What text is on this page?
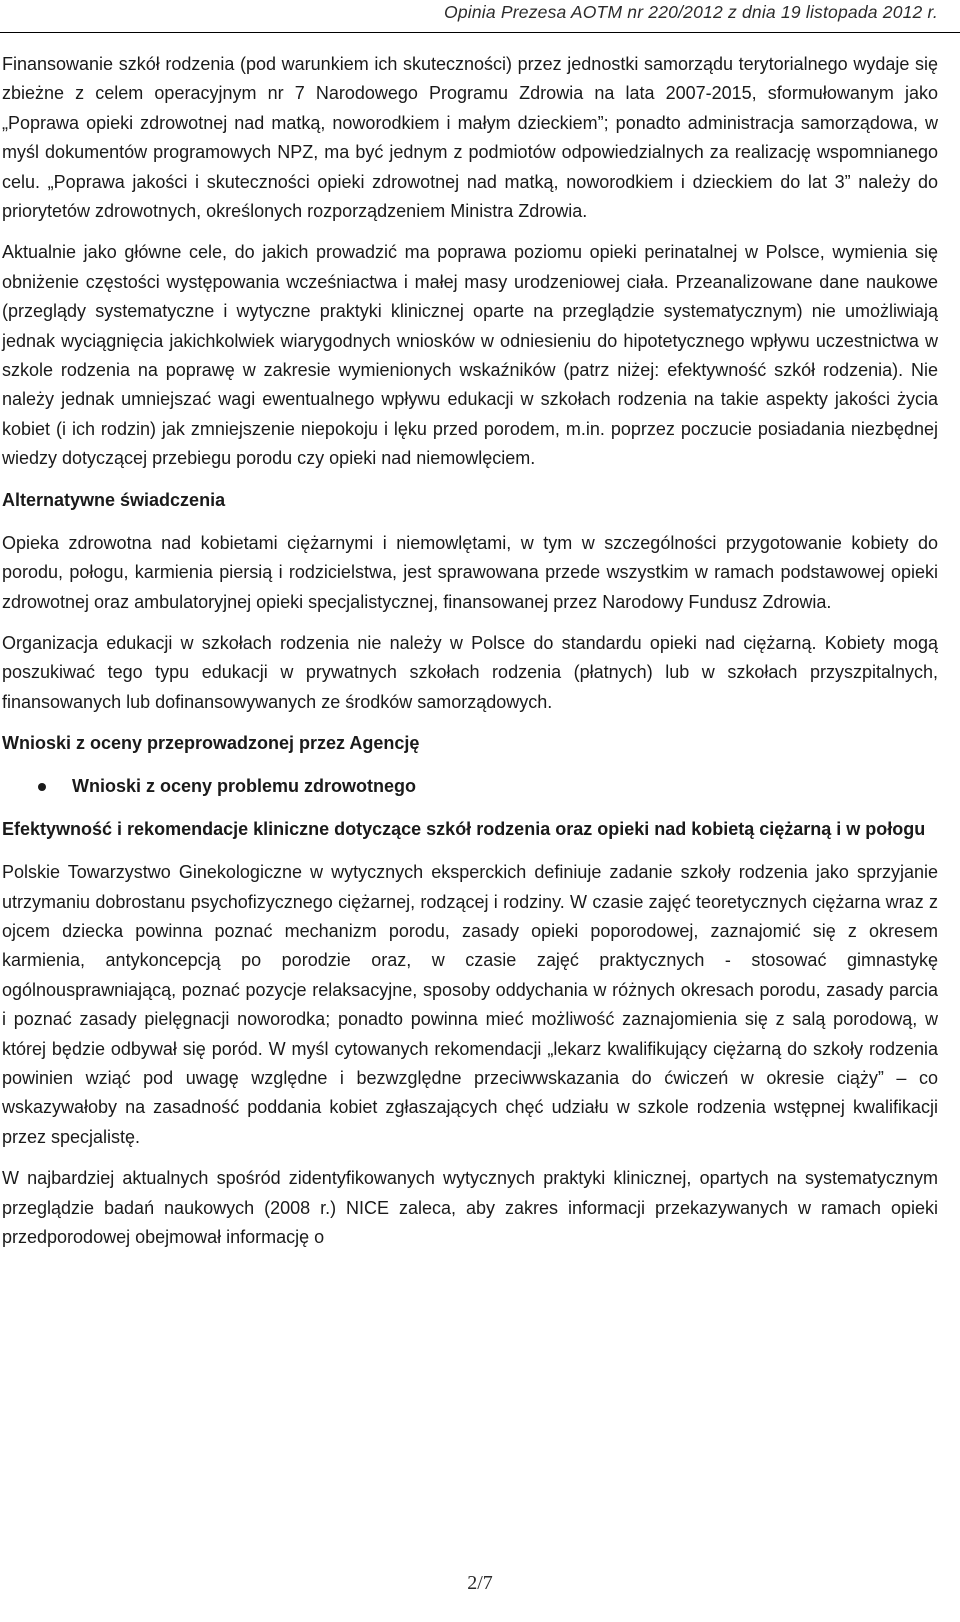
Opinia Prezesa AOTM nr 220/2012 z dnia 19 listopada 2012 r.

Finansowanie szkół rodzenia (pod warunkiem ich skuteczności) przez jednostki samorządu terytorialnego wydaje się zbieżne z celem operacyjnym nr 7 Narodowego Programu Zdrowia na lata 2007-2015, sformułowanym jako „Poprawa opieki zdrowotnej nad matką, noworodkiem i małym dzieckiem”; ponadto administracja samorządowa, w myśl dokumentów programowych NPZ, ma być jednym z podmiotów odpowiedzialnych za realizację wspomnianego celu. „Poprawa jakości i skuteczności opieki zdrowotnej nad matką, noworodkiem i dzieckiem do lat 3” należy do priorytetów zdrowotnych, określonych rozporządzeniem Ministra Zdrowia.

Aktualnie jako główne cele, do jakich prowadzić ma poprawa poziomu opieki perinatalnej w Polsce, wymienia się obniżenie częstości występowania wcześniactwa i małej masy urodzeniowej ciała. Przeanalizowane dane naukowe (przeglądy systematyczne i wytyczne praktyki klinicznej oparte na przeglądzie systematycznym) nie umożliwiają jednak wyciągnięcia jakichkolwiek wiarygodnych wniosków w odniesieniu do hipotetycznego wpływu uczestnictwa w szkole rodzenia na poprawę w zakresie wymienionych wskaźników (patrz niżej: efektywność szkół rodzenia). Nie należy jednak umniejszać wagi ewentualnego wpływu edukacji w szkołach rodzenia na takie aspekty jakości życia kobiet (i ich rodzin) jak zmniejszenie niepokoju i lęku przed porodem, m.in. poprzez poczucie posiadania niezbędnej wiedzy dotyczącej przebiegu porodu czy opieki nad niemowlęciem.

Alternatywne świadczenia

Opieka zdrowotna nad kobietami ciężarnymi i niemowlętami, w tym w szczególności przygotowanie kobiety do porodu, połogu, karmienia piersią i rodzicielstwa, jest sprawowana przede wszystkim w ramach podstawowej opieki zdrowotnej oraz ambulatoryjnej opieki specjalistycznej, finansowanej przez Narodowy Fundusz Zdrowia.

Organizacja edukacji w szkołach rodzenia nie należy w Polsce do standardu opieki nad ciężarną. Kobiety mogą poszukiwać tego typu edukacji w prywatnych szkołach rodzenia (płatnych) lub w szkołach przyszpitalnych, finansowanych lub dofinansowywanych ze środków samorządowych.

Wnioski z oceny przeprowadzonej przez Agencję
Wnioski z oceny problemu zdrowotnego
Efektywność i rekomendacje kliniczne dotyczące szkół rodzenia oraz opieki nad kobietą ciężarną i w połogu

Polskie Towarzystwo Ginekologiczne w wytycznych eksperckich definiuje zadanie szkoły rodzenia jako sprzyjanie utrzymaniu dobrostanu psychofizycznego ciężarnej, rodzącej i rodziny. W czasie zajęć teoretycznych ciężarna wraz z ojcem dziecka powinna poznać mechanizm porodu, zasady opieki poporodowej, zaznajomić się z okresem karmienia, antykoncepcją po porodzie oraz, w czasie zajęć praktycznych - stosować gimnastykę ogólnousprawniającą, poznać pozycje relaksacyjne, sposoby oddychania w różnych okresach porodu, zasady parcia i poznać zasady pielęgnacji noworodka; ponadto powinna mieć możliwość zaznajomienia się z salą porodową, w której będzie odbywał się poród. W myśl cytowanych rekomendacji „lekarz kwalifikujący ciężarną do szkoły rodzenia powinien wziąć pod uwagę względne i bezwzględne przeciwwskazania do ćwiczeń w okresie ciąży” – co wskazywałoby na zasadność poddania kobiet zgłaszających chęć udziału w szkole rodzenia wstępnej kwalifikacji przez specjalistę.

W najbardziej aktualnych spośród zidentyfikowanych wytycznych praktyki klinicznej, opartych na systematycznym przeglądzie badań naukowych (2008 r.) NICE zaleca, aby zakres informacji przekazywanych w ramach opieki przedporodowej obejmował informację o

2/7
